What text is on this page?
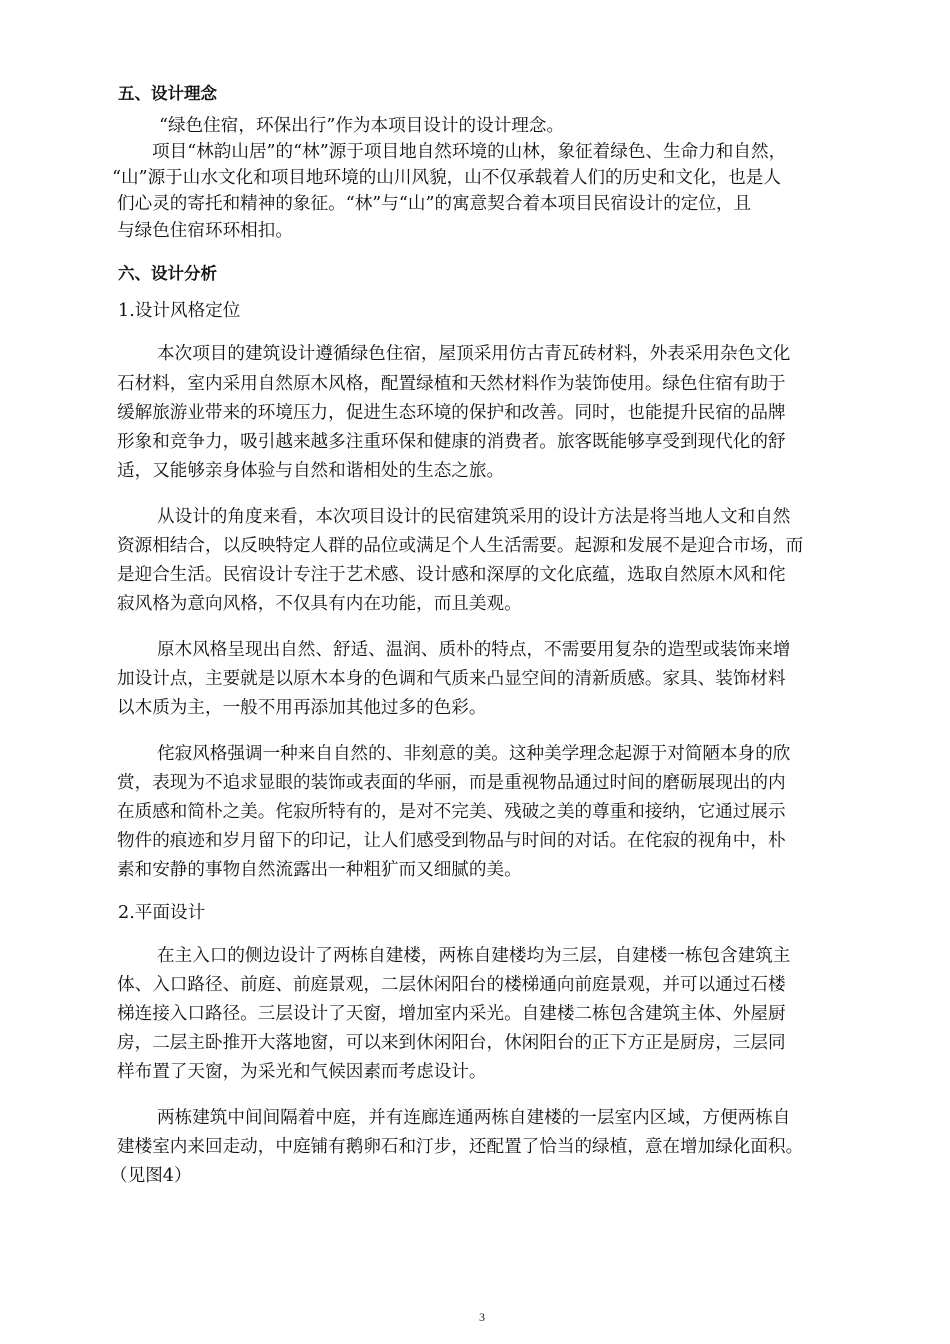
五、设计理念

“绿色住宿，环保出行”作为本项目设计的设计理念。

项目“林韵山居”的“林”源于项目地自然环境的山林，象征着绿色、生命力和自然，

“山”源于山水文化和项目地环境的山川风貌，山不仅承载着人们的历史和文化，也是人

们心灵的寄托和精神的象征。“林”与“山”的寓意契合着本项目民宿设计的定位，且

与绿色住宿环环相扣。

六、设计分析

1.设计风格定位

本次项目的建筑设计遵循绿色住宿，屋顶采用仿古青瓦砖材料，外表采用杂色文化

石材料，室内采用自然原木风格，配置绿植和天然材料作为装饰使用。绿色住宿有助于

缓解旅游业带来的环境压力，促进生态环境的保护和改善。同时，也能提升民宿的品牌

形象和竞争力，吸引越来越多注重环保和健康的消费者。旅客既能够享受到现代化的舒

适，又能够亲身体验与自然和谐相处的生态之旅。

从设计的角度来看，本次项目设计的民宿建筑采用的设计方法是将当地人文和自然

资源相结合，以反映特定人群的品位或满足个人生活需要。起源和发展不是迎合市场，而

是迎合生活。民宿设计专注于艺术感、设计感和深厚的文化底蕴，选取自然原木风和侘

寂风格为意向风格，不仅具有内在功能，而且美观。

原木风格呈现出自然、舒适、温润、质朴的特点，不需要用复杂的造型或装饰来增

加设计点，主要就是以原木本身的色调和气质来凸显空间的清新质感。家具、装饰材料

以木质为主，一般不用再添加其他过多的色彩。

侘寂风格强调一种来自自然的、非刻意的美。这种美学理念起源于对简陋本身的欣

赏，表现为不追求显眼的装饰或表面的华丽，而是重视物品通过时间的磨砺展现出的内

在质感和简朴之美。侘寂所特有的，是对不完美、残破之美的尊重和接纳，它通过展示

物件的痕迹和岁月留下的印记，让人们感受到物品与时间的对话。在侘寂的视角中，朴

素和安静的事物自然流露出一种粗犷而又细腻的美。

2.平面设计

在主入口的侧边设计了两栋自建楼，两栋自建楼均为三层，自建楼一栋包含建筑主

体、入口路径、前庭、前庭景观，二层休闲阳台的楼梯通向前庭景观，并可以通过石楼

梯连接入口路径。三层设计了天窗，增加室内采光。自建楼二栋包含建筑主体、外屋厨

房，二层主卧推开大落地窗，可以来到休闲阳台，休闲阳台的正下方正是厨房，三层同

样布置了天窗，为采光和气候因素而考虑设计。

两栋建筑中间间隔着中庭，并有连廊连通两栋自建楼的一层室内区域，方便两栋自

建楼室内来回走动，中庭铺有鹅卵石和汀步，还配置了恰当的绿植，意在增加绿化面积。

（见图4）

3
